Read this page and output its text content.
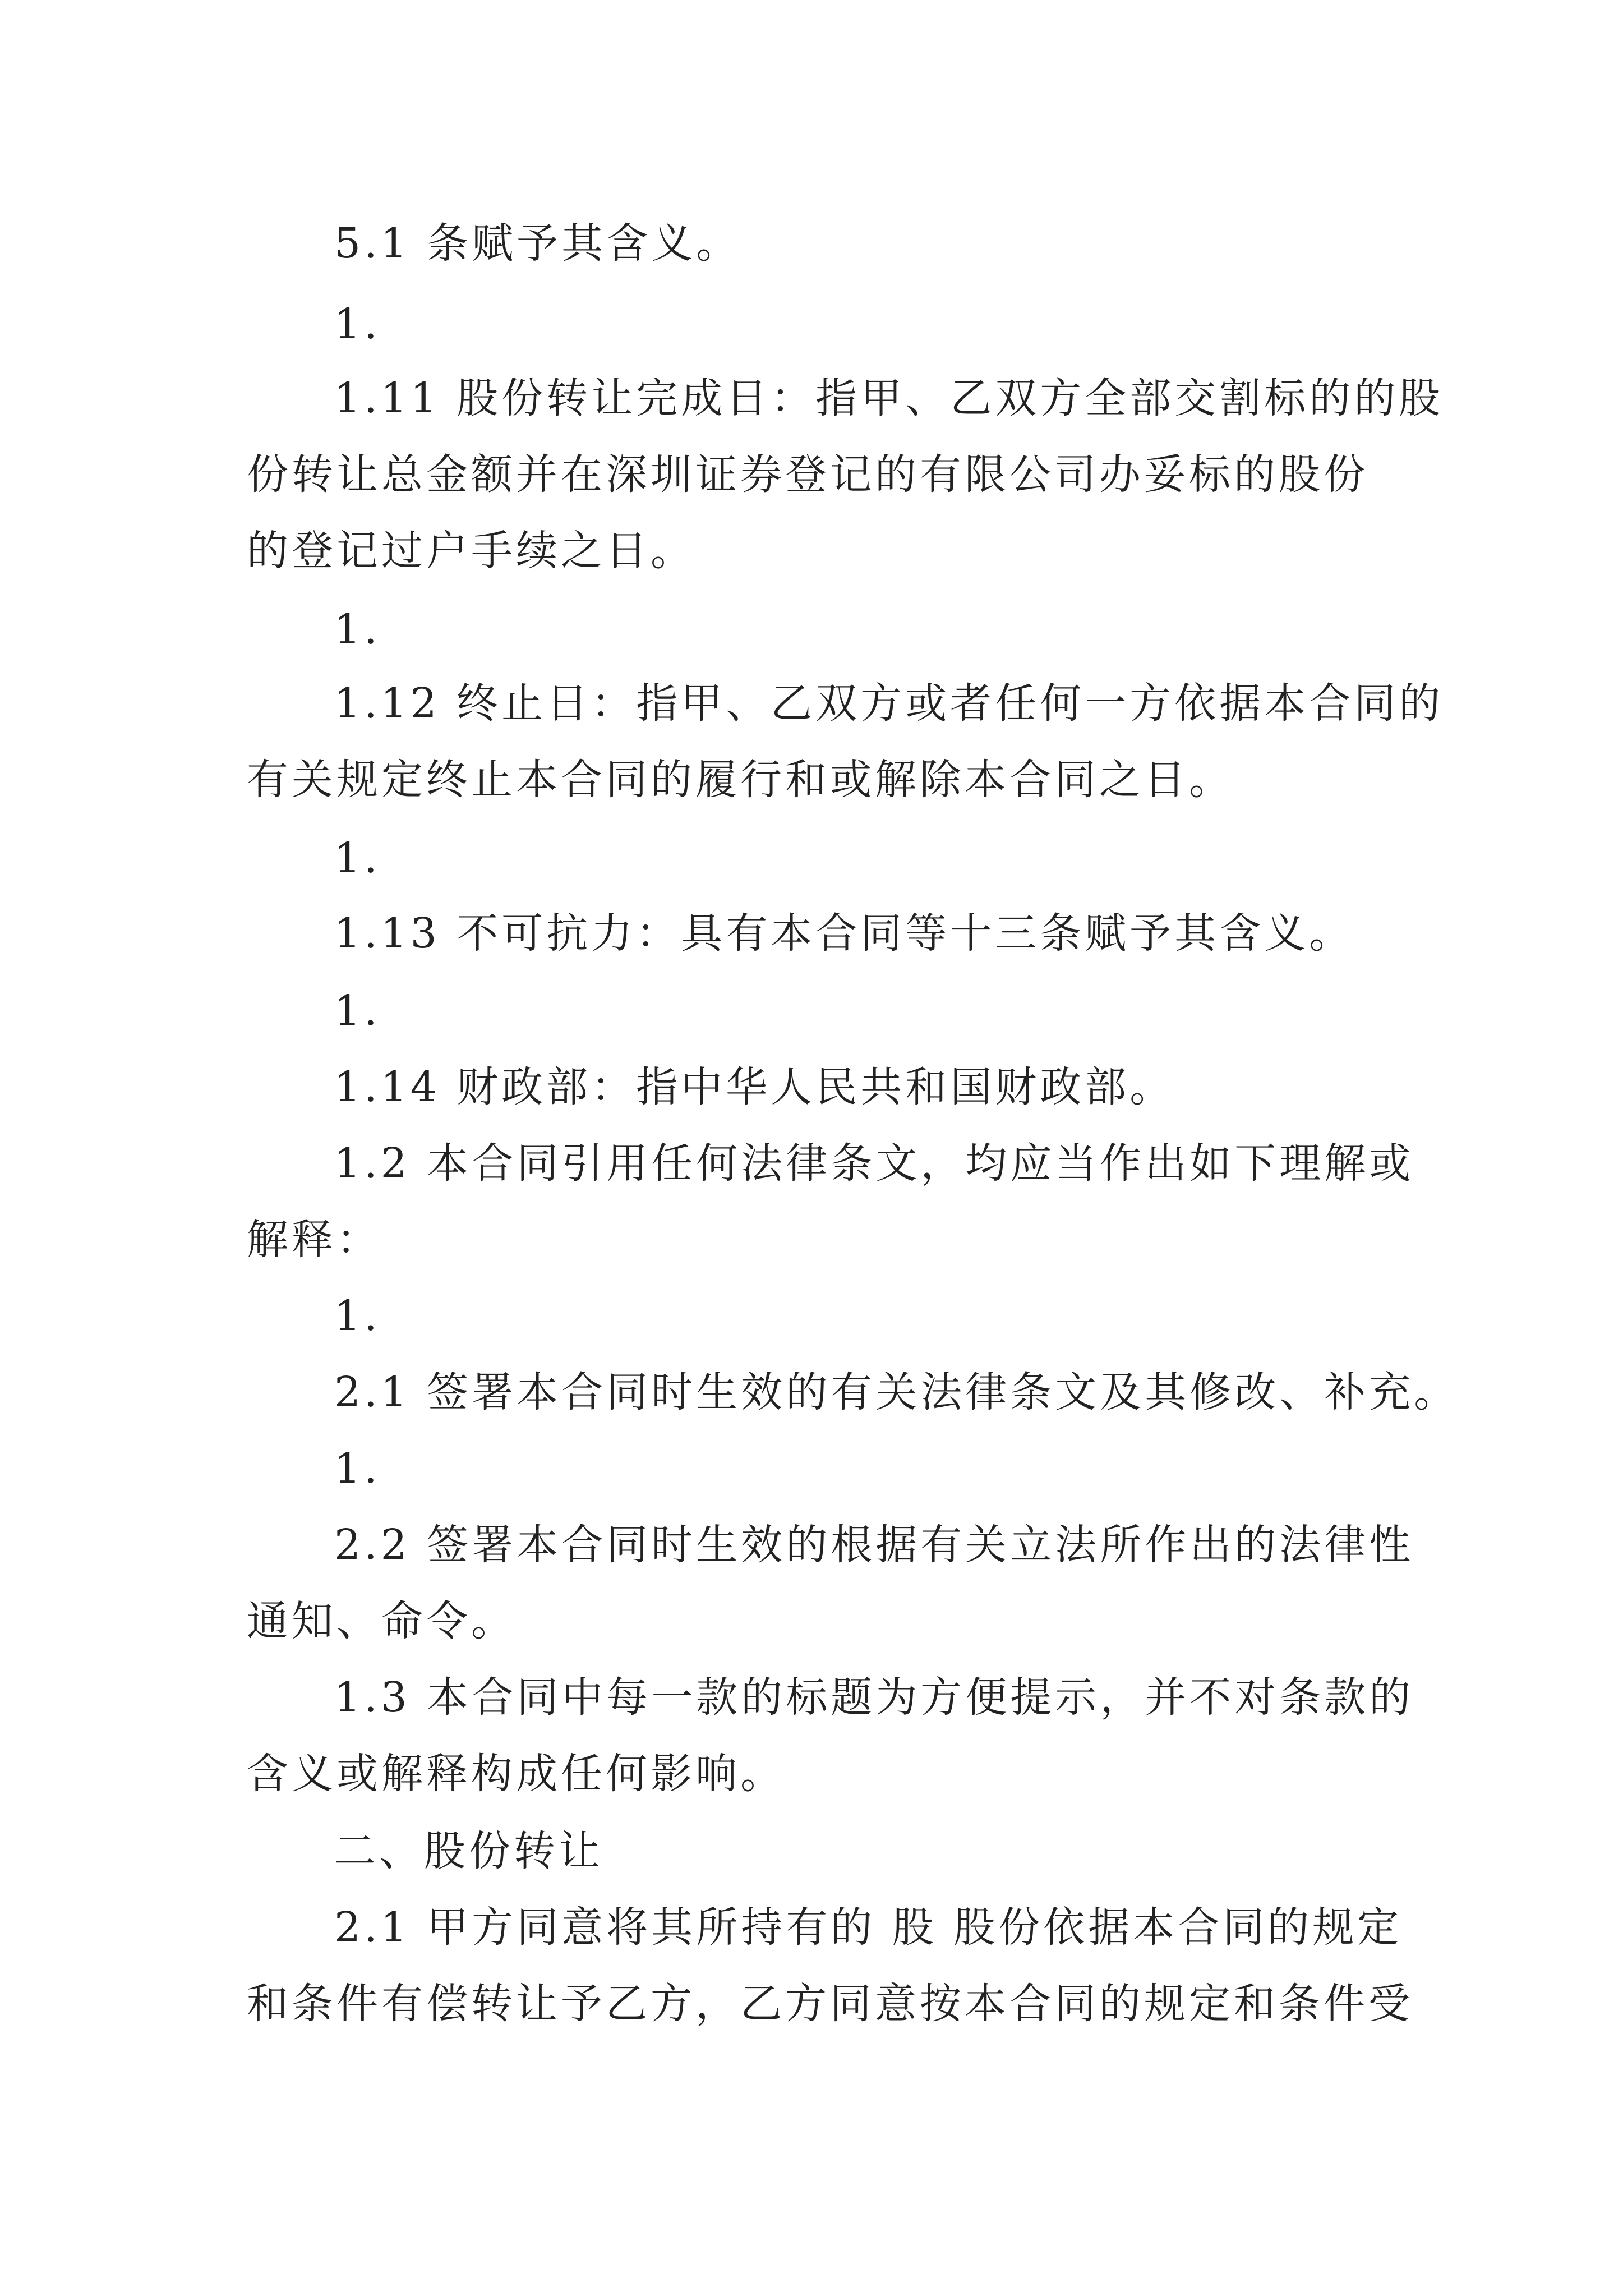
5.1 条赋予其含义。
1.
1.11 股份转让完成日：指甲、乙双方全部交割标的的股
份转让总金额并在深圳证券登记的有限公司办妥标的股份
的登记过户手续之日。
1.
1.12 终止日：指甲、乙双方或者任何一方依据本合同的
有关规定终止本合同的履行和或解除本合同之日。
1.
1.13 不可抗力：具有本合同等十三条赋予其含义。
1.
1.14 财政部：指中华人民共和国财政部。
1.2 本合同引用任何法律条文，均应当作出如下理解或
解释：
1.
2.1 签署本合同时生效的有关法律条文及其修改、补充。
1.
2.2 签署本合同时生效的根据有关立法所作出的法律性
通知、命令。
1.3 本合同中每一款的标题为方便提示，并不对条款的
含义或解释构成任何影响。
二、股份转让
2.1 甲方同意将其所持有的 股 股份依据本合同的规定
和条件有偿转让予乙方，乙方同意按本合同的规定和条件受
